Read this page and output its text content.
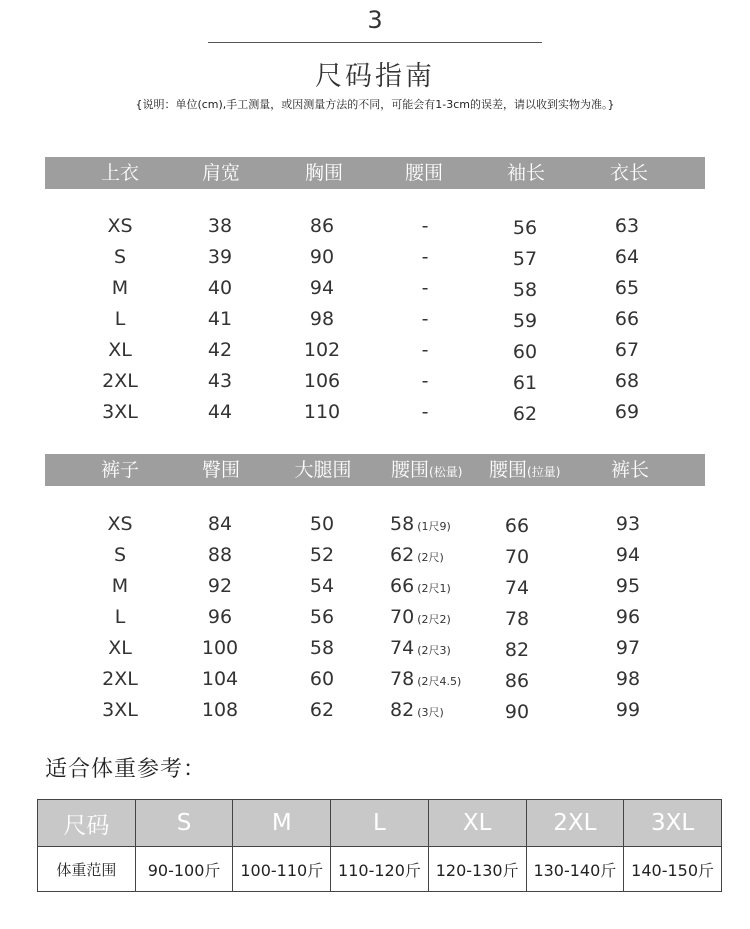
3
尺码指南
{说明：单位(cm),手工测量，或因测量方法的不同，可能会有1-3cm的误差，请以收到实物为准。}
上衣	肩宽	胸围	腰围	袖长	衣长
XS	38	86	-	56	63
S	39	90	-	57	64
M	40	94	-	58	65
L	41	98	-	59	66
XL	42	102	-	60	67
2XL	43	106	-	61	68
3XL	44	110	-	62	69
裤子	臀围	大腿围	腰围(松量)	腰围(拉量)	裤长
XS	84	50	58 (1尺9)	66	93
S	88	52	62 (2尺)	70	94
M	92	54	66 (2尺1)	74	95
L	96	56	70 (2尺2)	78	96
XL	100	58	74 (2尺3)	82	97
2XL	104	60	78 (2尺4.5)	86	98
3XL	108	62	82 (3尺)	90	99
适合体重参考：
尺码	S	M	L	XL	2XL	3XL
体重范围	90-100斤	100-110斤	110-120斤	120-130斤	130-140斤	140-150斤
